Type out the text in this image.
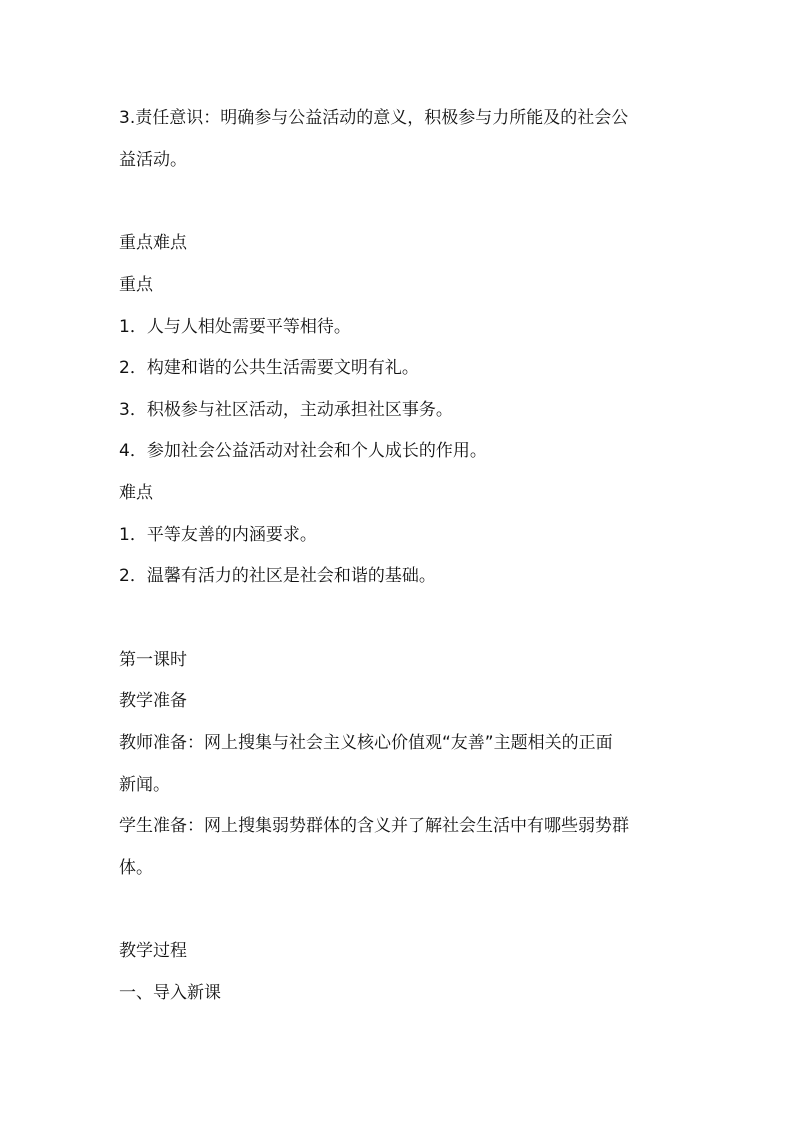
3.责任意识：明确参与公益活动的意义，积极参与力所能及的社会公
益活动。
重点难点
重点
1．人与人相处需要平等相待。
2．构建和谐的公共生活需要文明有礼。
3．积极参与社区活动，主动承担社区事务。
4．参加社会公益活动对社会和个人成长的作用。
难点
1．平等友善的内涵要求。
2．温馨有活力的社区是社会和谐的基础。
第一课时
教学准备
教师准备：网上搜集与社会主义核心价值观“友善”主题相关的正面
新闻。
学生准备：网上搜集弱势群体的含义并了解社会生活中有哪些弱势群
体。
教学过程
一、导入新课
